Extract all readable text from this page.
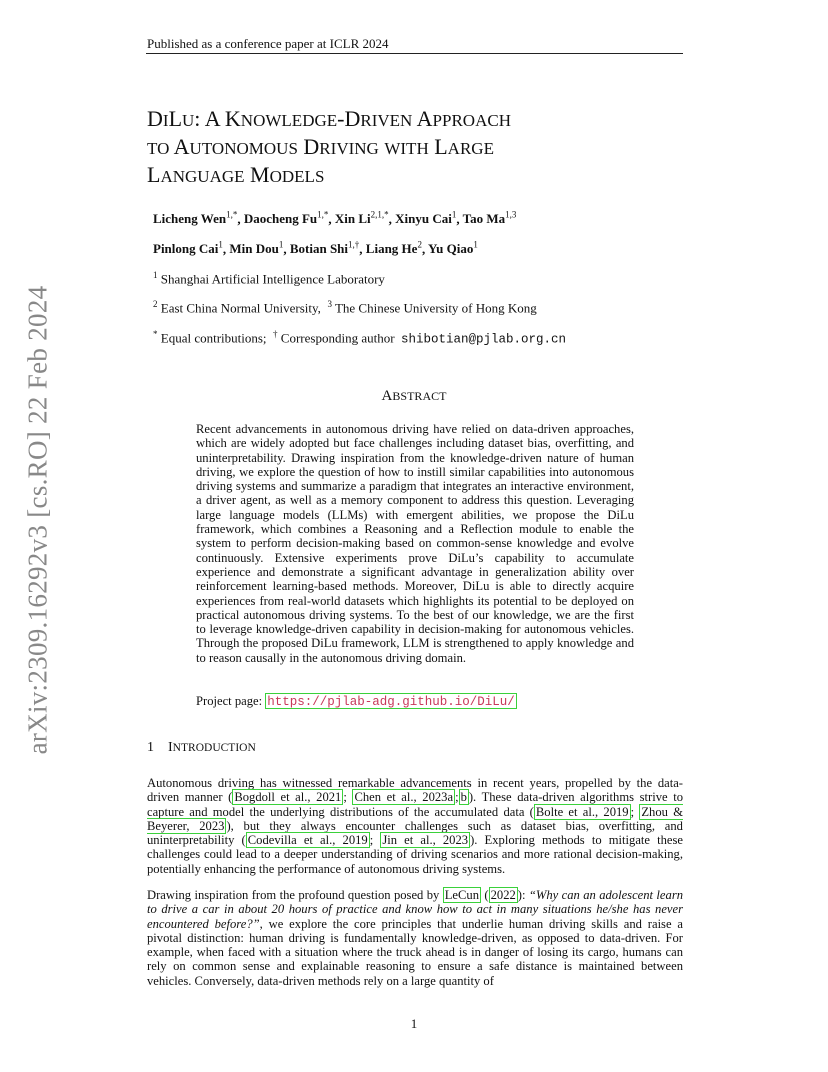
Published as a conference paper at ICLR 2024
arXiv:2309.16292v3 [cs.RO] 22 Feb 2024
DILU: A KNOWLEDGE-DRIVEN APPROACH
TO AUTONOMOUS DRIVING WITH LARGE
LANGUAGE MODELS
Licheng Wen$^{1,*}$, Daocheng $Fu^{1,*}$, Xin $Li^{2,1,*}$, Xinyu Cai$^1$, Tao Ma$^{1,3}$
Pinlong Cai$^1$, Min Dou$^1$, Botian Shi$^{1,\dagger}$, Liang He$^2$, Yu Qiao$^1$
$^1$ Shanghai Artificial Intelligence Laboratory
$^2$ East China Normal University, $^3$ The Chinese University of Hong Kong
* Equal contributions; † Corresponding author shibotian@pjlab.org.cn
ABSTRACT
Recent advancements in autonomous driving have relied on data-driven approaches, which are widely adopted but face challenges including dataset bias, overfitting, and uninterpretability. Drawing inspiration from the knowledge-driven nature of human driving, we explore the question of how to instill similar capabilities into autonomous driving systems and summarize a paradigm that integrates an interactive environment, a driver agent, as well as a memory component to address this question. Leveraging large language models (LLMs) with emergent abilities, we propose the DiLu framework, which combines a Reasoning and a Reflection module to enable the system to perform decision-making based on common-sense knowledge and evolve continuously. Extensive experiments prove DiLu’s capability to accumulate experience and demonstrate a significant advantage in generalization ability over reinforcement learning-based methods. Moreover, DiLu is able to directly acquire experiences from real-world datasets which highlights its potential to be deployed on practical autonomous driving systems. To the best of our knowledge, we are the first to leverage knowledge-driven capability in decision-making for autonomous vehicles. Through the proposed DiLu framework, LLM is strengthened to apply knowledge and to reason causally in the autonomous driving domain.
Project page: https://pjlab-adg.github.io/DiLu/
1 INTRODUCTION
Autonomous driving has witnessed remarkable advancements in recent years, propelled by the data-driven manner ( Bogdoll et al., 2021 ; Chen et al., 2023a ; b ). These data-driven algorithms strive to capture and model the underlying distributions of the accumulated data ( Bolte et al., 2019 ; Zhou & Beyerer, 2023 ), but they always encounter challenges such as dataset bias, overfitting, and uninterpretability ( Codevilla et al., 2019 ; Jin et al., 2023 ). Exploring methods to mitigate these challenges could lead to a deeper understanding of driving scenarios and more rational decision-making, potentially enhancing the performance of autonomous driving systems.
Drawing inspiration from the profound question posed by LeCun ( 2022 ): “Why can an adolescent learn to drive a car in about 20 hours of practice and know how to act in many situations he/she has never encountered before?”, we explore the core principles that underlie human driving skills and raise a pivotal distinction: human driving is fundamentally knowledge-driven, as opposed to data-driven. For example, when faced with a situation where the truck ahead is in danger of losing its cargo, humans can rely on common sense and explainable reasoning to ensure a safe distance is maintained between vehicles. Conversely, data-driven methods rely on a large quantity of
1
